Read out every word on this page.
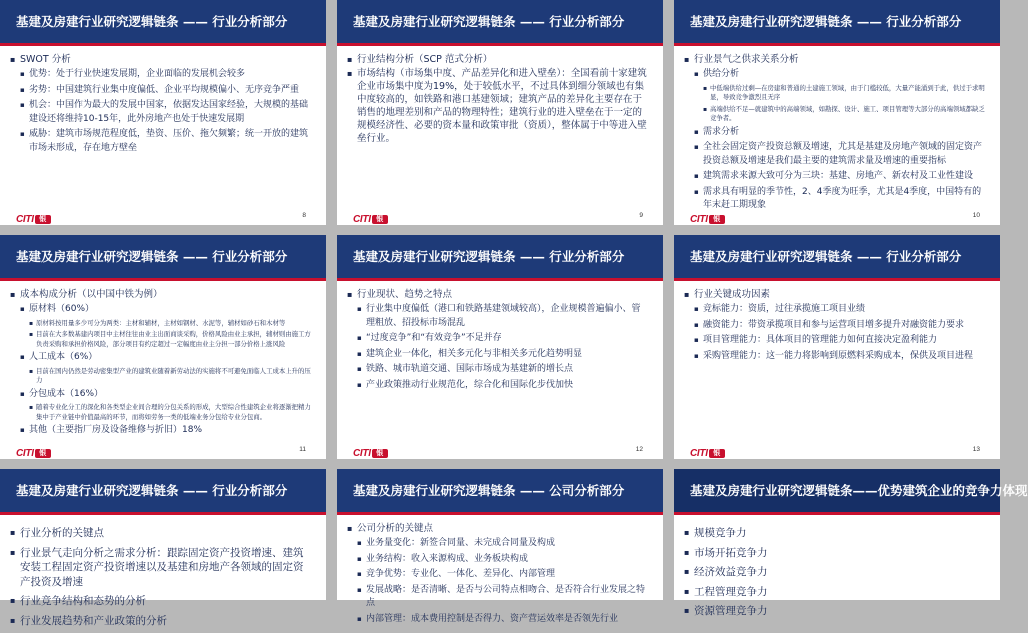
基建及房建行业研究逻辑链条 —— 行业分析部分
▪ SWOT 分析
▪ 优势：处于行业快速发展期，企业面临的发展机会较多
▪ 劣势：中国建筑行业集中度偏低、企业平均规模偏小、无序竞争严重
▪ 机会：中国作为最大的发展中国家，依据发达国家经验，大规模的基础建设还将维持10-15年，此外房地产也处于快速发展期
▪ 威胁：建筑市场规范程度低，垫资、压价、拖欠频繁；统一开放的建筑市场未形成，存在地方壁垒
CITI 银	8
基建及房建行业研究逻辑链条 —— 行业分析部分
▪ 行业结构分析（SCP 范式分析）
▪ 市场结构（市场集中度、产品差异化和进入壁垒）：全国看前十家建筑企业市场集中度为19%，处于较低水平，不过具体到细分领域也有集中度较高的，如铁路和港口基建领域；建筑产品的差异化主要存在于销售的地理差别和产品的物理特性；建筑行业的进入壁垒在于一定的规模经济性、必要的资本量和政策审批（资质），整体属于中等进入壁垒行业。
CITI 银	9
基建及房建行业研究逻辑链条 —— 行业分析部分
▪ 行业景气之供求关系分析
▪ 供给分析
▪ 中低端供给过剩—在房建和普通的土建施工领域，由于门槛较低，大量产能涌到于此，供过于求明显，导致竞争激烈且无序
▪ 高端供给不足—就建筑中的高端领域，如勘探、设计、施工、项目管理等大部分的高端领域都缺乏竞争者。
▪ 需求分析
▪ 全社会固定资产投资总额及增速，尤其是基建及房地产领域的固定资产投资总额及增速是我们最主要的建筑需求量及增速的重要指标
▪ 建筑需求来源大致可分为三块：基建、房地产、新农村及工业性建设
▪ 需求具有明显的季节性，2、4季度为旺季，尤其是4季度，中国特有的年末赶工期现象
CITI 银	10
基建及房建行业研究逻辑链条 —— 行业分析部分
▪ 成本构成分析（以中国中铁为例）
▪ 原材料（60%）
▪ 原材料按用量多少可分为两类：主材和辅材，主材如钢材、水泥等，辅材如砂石和木材等
▪ 目前在大多数基建内项目中主材往往由业主出面商谈采购，价格风险由业主承担，辅材则由施工方负责采购和承担价格风险，部分项目有约定超过一定幅度由业主分担一部分价格上涨风险
▪ 人工成本（6%）
▪ 目前在国内仍然是劳动密集型产业的建筑业随着新劳动法的实施将不可避免面临人工成本上升的压力
▪ 分包成本（16%）
▪ 随着专业化分工的深化和各类型企业间合理的分包关系的形成，大型综合性建筑企业将逐渐把精力集中于产业链中价值最高的环节，而将如劳务一类的低端业务分包给专业分包商。
▪ 其他（主要指厂房及设备维修与折旧）18%
CITI 银	11
基建及房建行业研究逻辑链条 —— 行业分析部分
▪ 行业现状、趋势之特点
▪ 行业集中度偏低（港口和铁路基建领域较高），企业规模普遍偏小、管理粗放、招投标市场混乱
▪ “过度竞争”和“有效竞争”不足并存
▪ 建筑企业一体化，相关多元化与非相关多元化趋势明显
▪ 铁路、城市轨道交通、国际市场成为基建新的增长点
▪ 产业政策推动行业规范化，综合化和国际化步伐加快
CITI 银	12
基建及房建行业研究逻辑链条 —— 行业分析部分
▪ 行业关键成功因素
▪ 竞标能力：资质，过往承揽施工项目业绩
▪ 融资能力：带资承揽项目和参与运营项目增多提升对融资能力要求
▪ 项目管理能力：具体项目的管理能力如何直接决定盈利能力
▪ 采购管理能力：这一能力将影响到原燃料采购成本，保供及项目进程
CITI 银	13
基建及房建行业研究逻辑链条 —— 行业分析部分
▪ 行业分析的关键点
▪ 行业景气走向分析之需求分析：跟踪固定资产投资增速、建筑安装工程固定资产投资增速以及基建和房地产各领域的固定资产投资及增速
▪ 行业竞争结构和态势的分析
▪ 行业发展趋势和产业政策的分析
基建及房建行业研究逻辑链条 —— 公司分析部分
▪ 公司分析的关键点
▪ 业务量变化：新签合同量、未完成合同量及构成
▪ 业务结构：收入来源构成、业务板块构成
▪ 竞争优势：专业化、一体化、差异化、内部管理
▪ 发展战略：是否清晰、是否与公司特点相吻合、是否符合行业发展之特点
▪ 内部管理：成本费用控制是否得力、资产营运效率是否领先行业
基建及房建行业研究逻辑链条——优势建筑企业的竞争力体现
▪ 规模竞争力
▪ 市场开拓竞争力
▪ 经济效益竞争力
▪ 工程管理竞争力
▪ 资源管理竞争力
